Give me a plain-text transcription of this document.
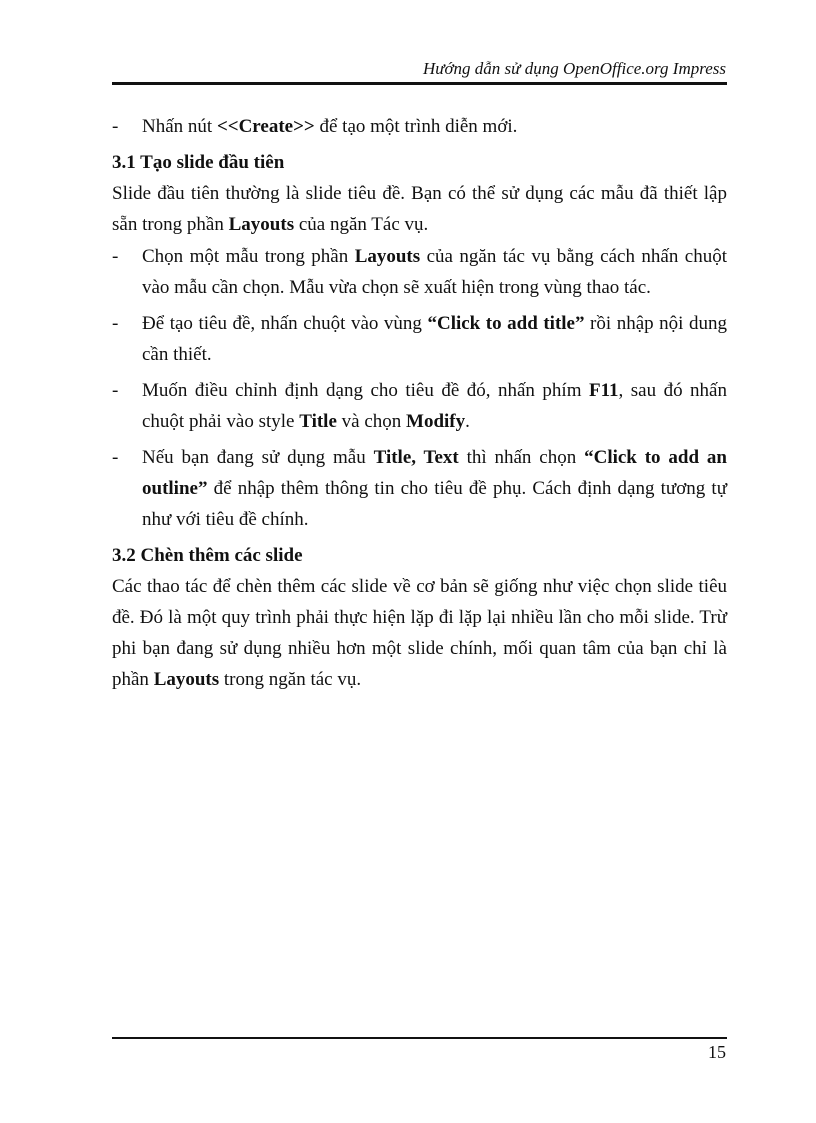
Hướng dẫn sử dụng OpenOffice.org Impress
-	Nhấn nút <<Create>> để tạo một trình diễn mới.

3.1 Tạo slide đầu tiên

Slide đầu tiên thường là slide tiêu đề. Bạn có thể sử dụng các mẫu đã thiết lập sẵn trong phần Layouts của ngăn Tác vụ.

-	Chọn một mẫu trong phần Layouts của ngăn tác vụ bằng cách nhấn chuột vào mẫu cần chọn. Mẫu vừa chọn sẽ xuất hiện trong vùng thao tác.

-	Để tạo tiêu đề, nhấn chuột vào vùng “Click to add title” rồi nhập nội dung cần thiết.

-	Muốn điều chỉnh định dạng cho tiêu đề đó, nhấn phím F11, sau đó nhấn chuột phải vào style Title và chọn Modify.

-	Nếu bạn đang sử dụng mẫu Title, Text thì nhấn chọn “Click to add an outline” để nhập thêm thông tin cho tiêu đề phụ. Cách định dạng tương tự như với tiêu đề chính.

3.2 Chèn thêm các slide

Các thao tác để chèn thêm các slide về cơ bản sẽ giống như việc chọn slide tiêu đề. Đó là một quy trình phải thực hiện lặp đi lặp lại nhiều lần cho mỗi slide. Trừ phi bạn đang sử dụng nhiều hơn một slide chính, mối quan tâm của bạn chỉ là phần Layouts trong ngăn tác vụ.

15
